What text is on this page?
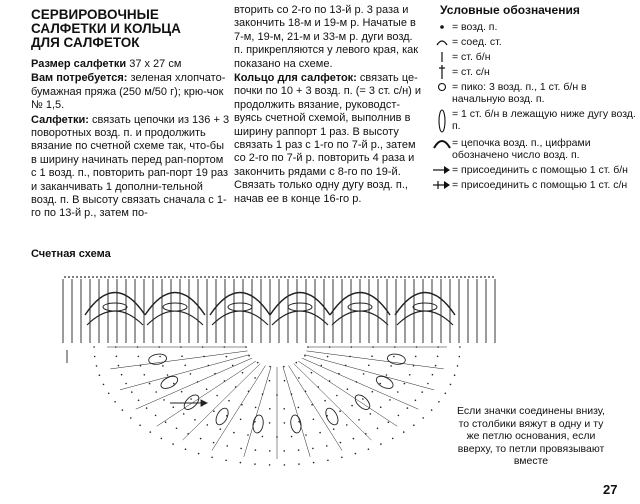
СЕРВИРОВОЧНЫЕ
САЛФЕТКИ И КОЛЬЦА
ДЛЯ САЛФЕТОК

Размер салфетки 37 x 27 см

Вам потребуется: зеленая хлопчато-бумажная пряжа (250 м/50 г); крю-чок № 1,5.

Салфетки: связать цепочки из 136 + 3 поворотных возд. п. и продолжить вязание по счетной схеме так, что-бы в ширину начинать перед рап-портом с 1 возд. п., повторить рап-порт 19 раз и заканчивать 1 дополни-тельной возд. п. В высоту связать сначала с 1-го по 13-й р., затем по-

вторить со 2-го по 13-й р. 3 раза и закончить 18-м и 19-м р. Начатые в 7-м, 19-м, 21-м и 33-м р. дуги возд. п. прикрепляются у левого края, как показано на схеме.

Кольцо для салфеток: связать це-почки по 10 + 3 возд. п. (= 3 ст. с/н) и продолжить вязание, руководст-вуясь счетной схемой, выполнив в ширину раппорт 1 раз. В высоту связать 1 раз с 1-го по 7-й р., затем со 2-го по 7-й р. повторить 4 раза и закончить рядами с 8-го по 19-й. Связать только одну дугу возд. п., начав ее в конце 16-го р.

Условные обозначения
= возд. п.
= соед. ст.
= ст. б/н
= ст. с/н
= пико: 3 возд. п., 1 ст. б/н в начальную возд. п.
= 1 ст. б/н в лежащую ниже дугу возд. п.
= цепочка возд. п., цифрами обозначено число возд. п.
= присоединить с помощью 1 ст. б/н
= присоединить с помощью 1 ст. с/н
Счетная схема
Если значки соединены внизу, то столбики вяжут в одну и ту же петлю основания, если вверху, то петли провязывают вместе
27
